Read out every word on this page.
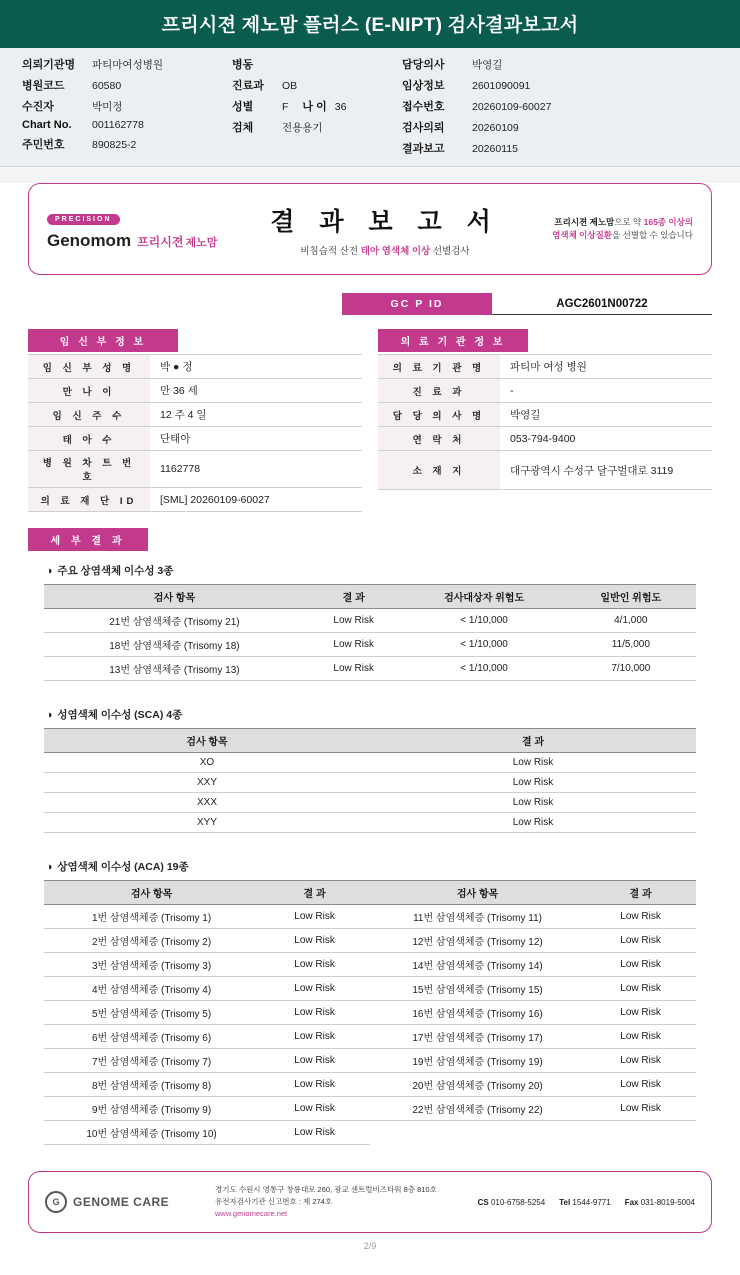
프리시젼 제노맘 플러스 (E-NIPT) 검사결과보고서
의뢰기관명	파티마여성병원
병원코드	60580
수진자	박미정
Chart No.	001162778
주민번호	890825-2
병동
진료과	OB
성별	F 나 이 36
검체	전용용기
담당의사	박영길
임상정보	2601090091
접수번호	20260109-60027
검사의뢰	20260109
결과보고	20260115
PRECISION
Genomom 프리시젼 제노맘
결 과 보 고 서
비침습적 산전 태아 염색체 이상 선별검사
프리시젼 제노맘으로 약 165종 이상의
염색체 이상질환을 선별할 수 있습니다
GC P ID	AGC2601N00722
임 신 부 정 보
임 신 부 성 명	박 ● 정
만 나 이	만 36 세
임 신 주 수	12 주 4 일
태 아 수	단태아
병 원 차 트 번 호	1162778
의 료 재 단 ID	[SML] 20260109-60027
의 료 기 관 정 보
의 료 기 관 명	파티마 여성 병원
진 료 과	-
담 당 의 사 명	박영길
연 락 처	053-794-9400
소 재 지	대구광역시 수성구 달구벌대로 3119
세 부 결 과
◑ 주요 상염색체 이수성 3종
검사 항목	결 과	검사대상자 위험도	일반인 위험도
21번 삼염색체증 (Trisomy 21)	Low Risk	< 1/10,000	4/1,000
18번 삼염색체증 (Trisomy 18)	Low Risk	< 1/10,000	11/5,000
13번 삼염색체증 (Trisomy 13)	Low Risk	< 1/10,000	7/10,000
◑ 성염색체 이수성 (SCA) 4종
검사 항목	결 과
XO	Low Risk
XXY	Low Risk
XXX	Low Risk
XYY	Low Risk
◑ 상염색체 이수성 (ACA) 19종
검사 항목	결 과	검사 항목	결 과
1번 삼염색체증 (Trisomy 1)	Low Risk	11번 삼염색체증 (Trisomy 11)	Low Risk
2번 삼염색체증 (Trisomy 2)	Low Risk	12번 삼염색체증 (Trisomy 12)	Low Risk
3번 삼염색체증 (Trisomy 3)	Low Risk	14번 삼염색체증 (Trisomy 14)	Low Risk
4번 삼염색체증 (Trisomy 4)	Low Risk	15번 삼염색체증 (Trisomy 15)	Low Risk
5번 삼염색체증 (Trisomy 5)	Low Risk	16번 삼염색체증 (Trisomy 16)	Low Risk
6번 삼염색체증 (Trisomy 6)	Low Risk	17번 삼염색체증 (Trisomy 17)	Low Risk
7번 삼염색체증 (Trisomy 7)	Low Risk	19번 삼염색체증 (Trisomy 19)	Low Risk
8번 삼염색체증 (Trisomy 8)	Low Risk	20번 삼염색체증 (Trisomy 20)	Low Risk
9번 삼염색체증 (Trisomy 9)	Low Risk	22번 삼염색체증 (Trisomy 22)	Low Risk
10번 삼염색체증 (Trisomy 10)	Low Risk		
G	GENOME CARE
경기도 수원시 영통구 창룡대로 260, 광교 센트럴비즈타워 8층 810호
유전자검사기관 신고번호 : 제 274호
www.genomecare.net
CS 010-6758-5254 Tel 1544-9771 Fax 031-8019-5004
2/9
